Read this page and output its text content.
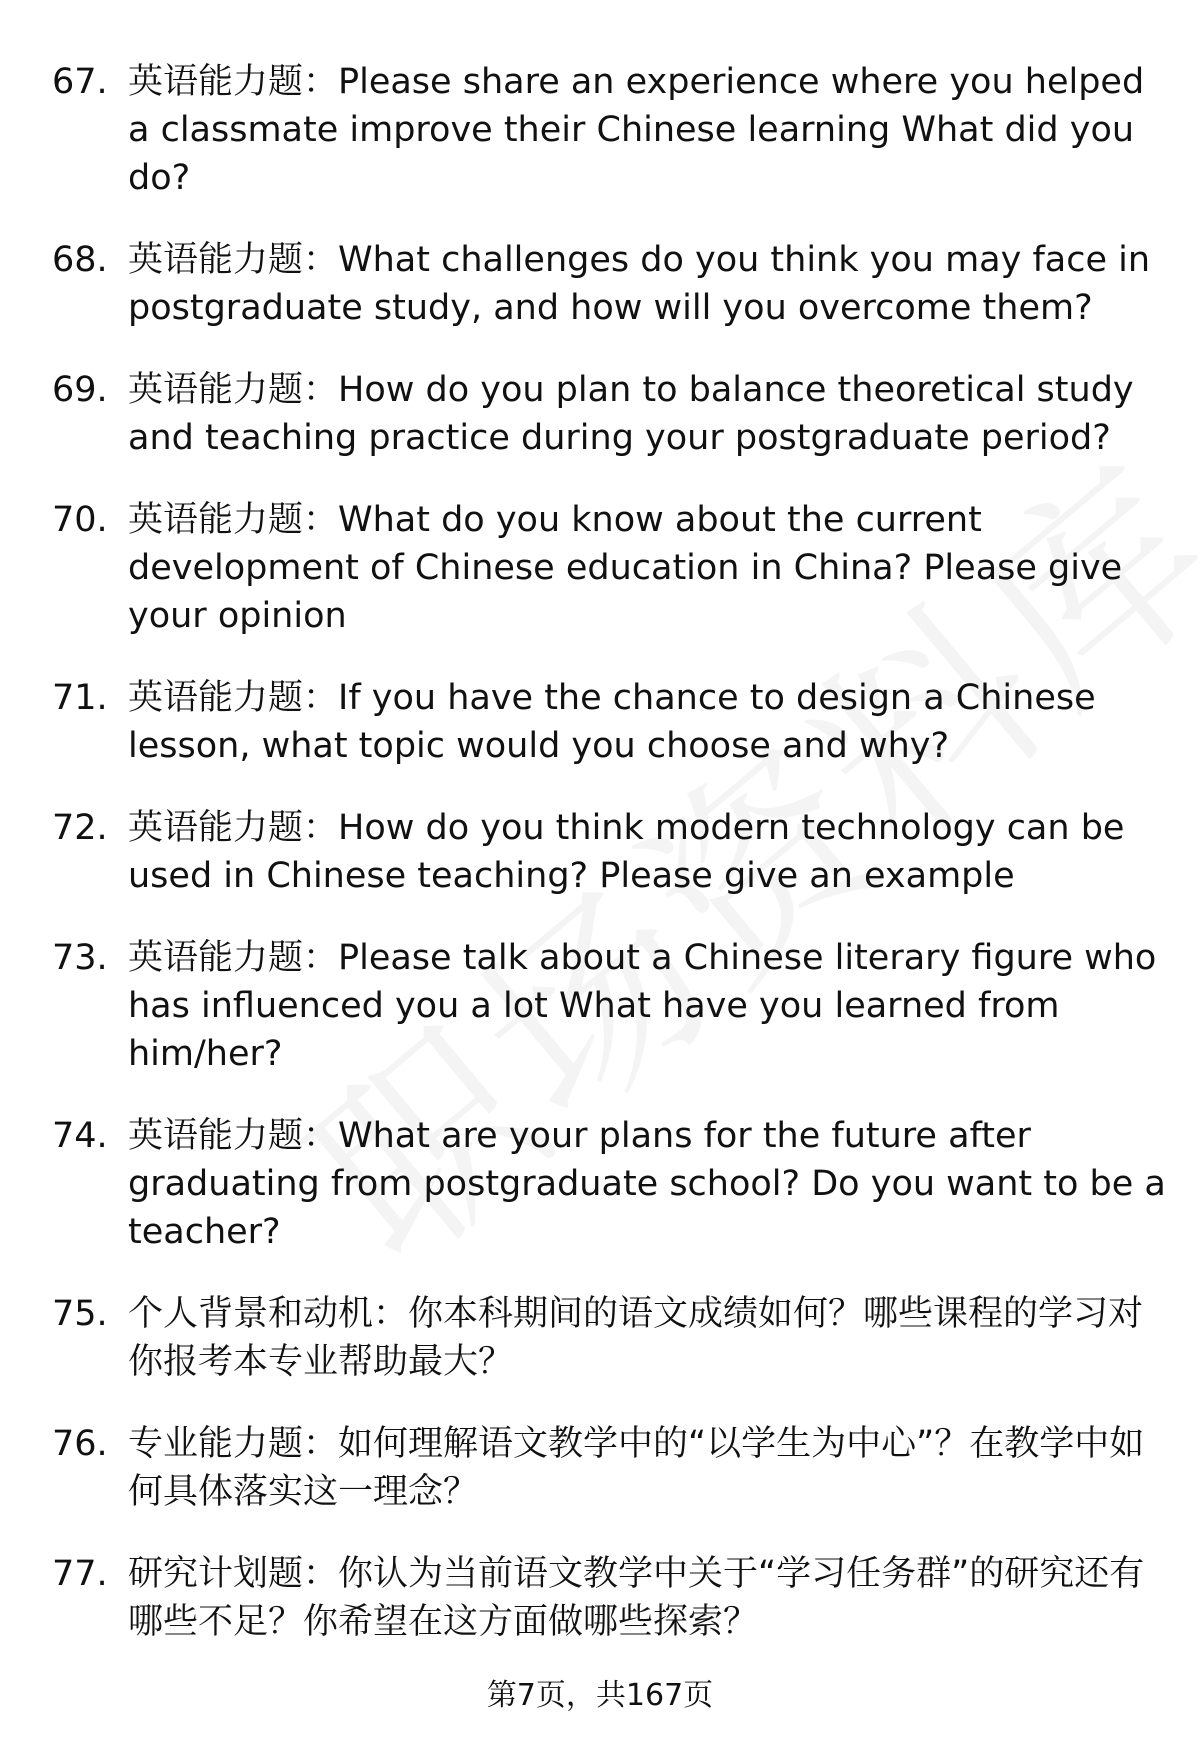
67. 英语能力题：Please share an experience where you helped a classmate improve their Chinese learning What did you do?
68. 英语能力题：What challenges do you think you may face in postgraduate study, and how will you overcome them?
69. 英语能力题：How do you plan to balance theoretical study and teaching practice during your postgraduate period?
70. 英语能力题：What do you know about the current development of Chinese education in China? Please give your opinion
71. 英语能力题：If you have the chance to design a Chinese lesson, what topic would you choose and why?
72. 英语能力题：How do you think modern technology can be used in Chinese teaching? Please give an example
73. 英语能力题：Please talk about a Chinese literary figure who has influenced you a lot What have you learned from him/her?
74. 英语能力题：What are your plans for the future after graduating from postgraduate school? Do you want to be a teacher?
75. 个人背景和动机：你本科期间的语文成绩如何？哪些课程的学习对你报考本专业帮助最大？
76. 专业能力题：如何理解语文教学中的“以学生为中心”？在教学中如何具体落实这一理念？
77. 研究计划题：你认为当前语文教学中关于“学习任务群”的研究还有哪些不足？你希望在这方面做哪些探索？
第7页，共167页
